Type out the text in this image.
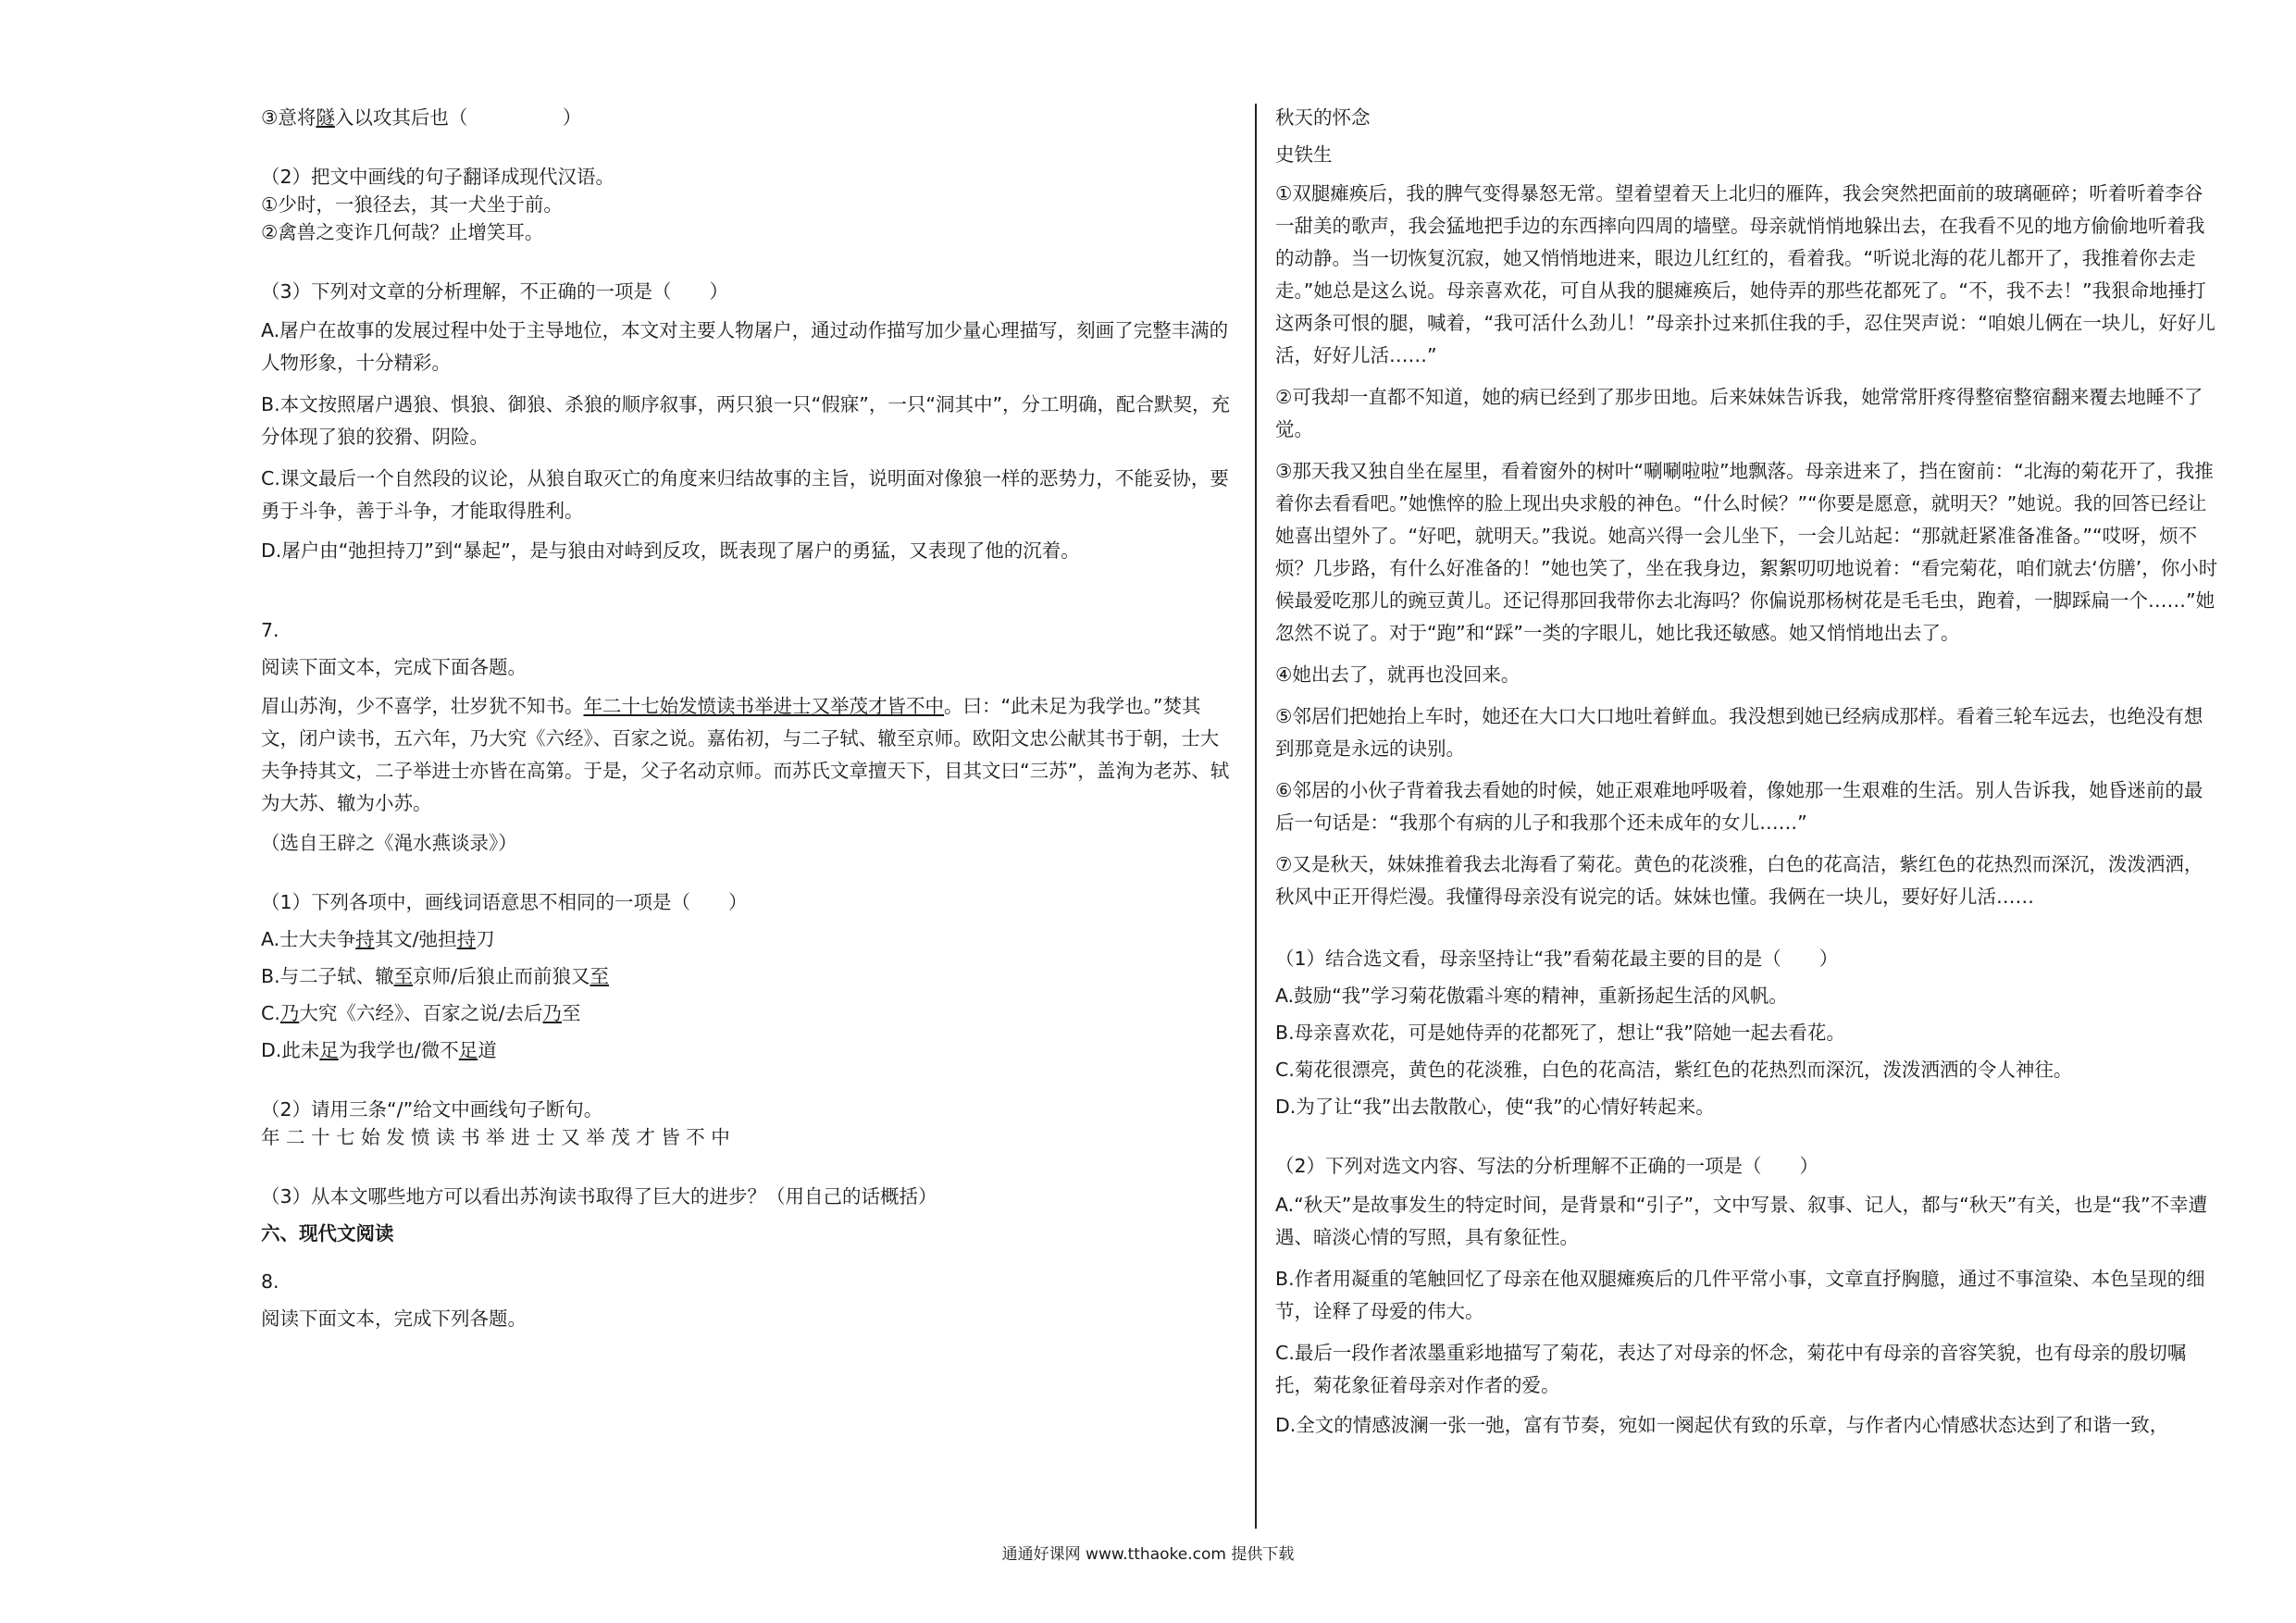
③意将隧入以攻其后也（　　　　　）

（2）把文中画线的句子翻译成现代汉语。

①少时，一狼径去，其一犬坐于前。

②禽兽之变诈几何哉？止增笑耳。

（3）下列对文章的分析理解，不正确的一项是（　　）

A.屠户在故事的发展过程中处于主导地位，本文对主要人物屠户，通过动作描写加少量心理描写，刻画了完整丰满的人物形象，十分精彩。

B.本文按照屠户遇狼、惧狼、御狼、杀狼的顺序叙事，两只狼一只“假寐”，一只“洞其中”，分工明确，配合默契，充分体现了狼的狡猾、阴险。

C.课文最后一个自然段的议论，从狼自取灭亡的角度来归结故事的主旨，说明面对像狼一样的恶势力，不能妥协，要勇于斗争，善于斗争，才能取得胜利。

D.屠户由“弛担持刀”到“暴起”，是与狼由对峙到反攻，既表现了屠户的勇猛，又表现了他的沉着。

7.

阅读下面文本，完成下面各题。

眉山苏洵，少不喜学，壮岁犹不知书。年二十七始发愤读书举进士又举茂才皆不中。曰：“此未足为我学也。”焚其文，闭户读书，五六年，乃大究《六经》、百家之说。嘉佑初，与二子轼、辙至京师。欧阳文忠公献其书于朝，士大夫争持其文，二子举进士亦皆在高第。于是，父子名动京师。而苏氏文章擅天下，目其文曰“三苏”，盖洵为老苏、轼为大苏、辙为小苏。

（选自王辟之《渑水燕谈录》）

（1）下列各项中，画线词语意思不相同的一项是（　　）

A.士大夫争持其文/弛担持刀

B.与二子轼、辙至京师/后狼止而前狼又至

C.乃大究《六经》、百家之说/去后乃至

D.此未足为我学也/微不足道

（2）请用三条“/”给文中画线句子断句。

年 二 十 七 始 发 愤 读 书 举 进 士 又 举 茂 才 皆 不 中

（3）从本文哪些地方可以看出苏洵读书取得了巨大的进步？（用自己的话概括）

六、现代文阅读

8.

阅读下面文本，完成下列各题。

秋天的怀念

史铁生

①双腿瘫痪后，我的脾气变得暴怒无常。望着望着天上北归的雁阵，我会突然把面前的玻璃砸碎；听着听着李谷一甜美的歌声，我会猛地把手边的东西摔向四周的墙壁。母亲就悄悄地躲出去，在我看不见的地方偷偷地听着我的动静。当一切恢复沉寂，她又悄悄地进来，眼边儿红红的，看着我。“听说北海的花儿都开了，我推着你去走走。”她总是这么说。母亲喜欢花，可自从我的腿瘫痪后，她侍弄的那些花都死了。“不，我不去！”我狠命地捶打这两条可恨的腿，喊着，“我可活什么劲儿！”母亲扑过来抓住我的手，忍住哭声说：“咱娘儿俩在一块儿，好好儿活，好好儿活……”

②可我却一直都不知道，她的病已经到了那步田地。后来妹妹告诉我，她常常肝疼得整宿整宿翻来覆去地睡不了觉。

③那天我又独自坐在屋里，看着窗外的树叶“唰唰啦啦”地飘落。母亲进来了，挡在窗前：“北海的菊花开了，我推着你去看看吧。”她憔悴的脸上现出央求般的神色。“什么时候？”“你要是愿意，就明天？”她说。我的回答已经让她喜出望外了。“好吧，就明天。”我说。她高兴得一会儿坐下，一会儿站起：“那就赶紧准备准备。”“哎呀，烦不烦？几步路，有什么好准备的！”她也笑了，坐在我身边，絮絮叨叨地说着：“看完菊花，咱们就去‘仿膳’，你小时候最爱吃那儿的豌豆黄儿。还记得那回我带你去北海吗？你偏说那杨树花是毛毛虫，跑着，一脚踩扁一个……”她忽然不说了。对于“跑”和“踩”一类的字眼儿，她比我还敏感。她又悄悄地出去了。

④她出去了，就再也没回来。

⑤邻居们把她抬上车时，她还在大口大口地吐着鲜血。我没想到她已经病成那样。看着三轮车远去，也绝没有想到那竟是永远的诀别。

⑥邻居的小伙子背着我去看她的时候，她正艰难地呼吸着，像她那一生艰难的生活。别人告诉我，她昏迷前的最后一句话是：“我那个有病的儿子和我那个还未成年的女儿……”

⑦又是秋天，妹妹推着我去北海看了菊花。黄色的花淡雅，白色的花高洁，紫红色的花热烈而深沉，泼泼洒洒，秋风中正开得烂漫。我懂得母亲没有说完的话。妹妹也懂。我俩在一块儿，要好好儿活……

（1）结合选文看，母亲坚持让“我”看菊花最主要的目的是（　　）

A.鼓励“我”学习菊花傲霜斗寒的精神，重新扬起生活的风帆。

B.母亲喜欢花，可是她侍弄的花都死了，想让“我”陪她一起去看花。

C.菊花很漂亮，黄色的花淡雅，白色的花高洁，紫红色的花热烈而深沉，泼泼洒洒的令人神往。

D.为了让“我”出去散散心，使“我”的心情好转起来。

（2）下列对选文内容、写法的分析理解不正确的一项是（　　）

A.“秋天”是故事发生的特定时间，是背景和“引子”，文中写景、叙事、记人，都与“秋天”有关，也是“我”不幸遭遇、暗淡心情的写照，具有象征性。

B.作者用凝重的笔触回忆了母亲在他双腿瘫痪后的几件平常小事，文章直抒胸臆，通过不事渲染、本色呈现的细节，诠释了母爱的伟大。

C.最后一段作者浓墨重彩地描写了菊花，表达了对母亲的怀念，菊花中有母亲的音容笑貌，也有母亲的殷切嘱托，菊花象征着母亲对作者的爱。

D.全文的情感波澜一张一弛，富有节奏，宛如一阕起伏有致的乐章，与作者内心情感状态达到了和谐一致，

通通好课网 www.tthaoke.com 提供下载
